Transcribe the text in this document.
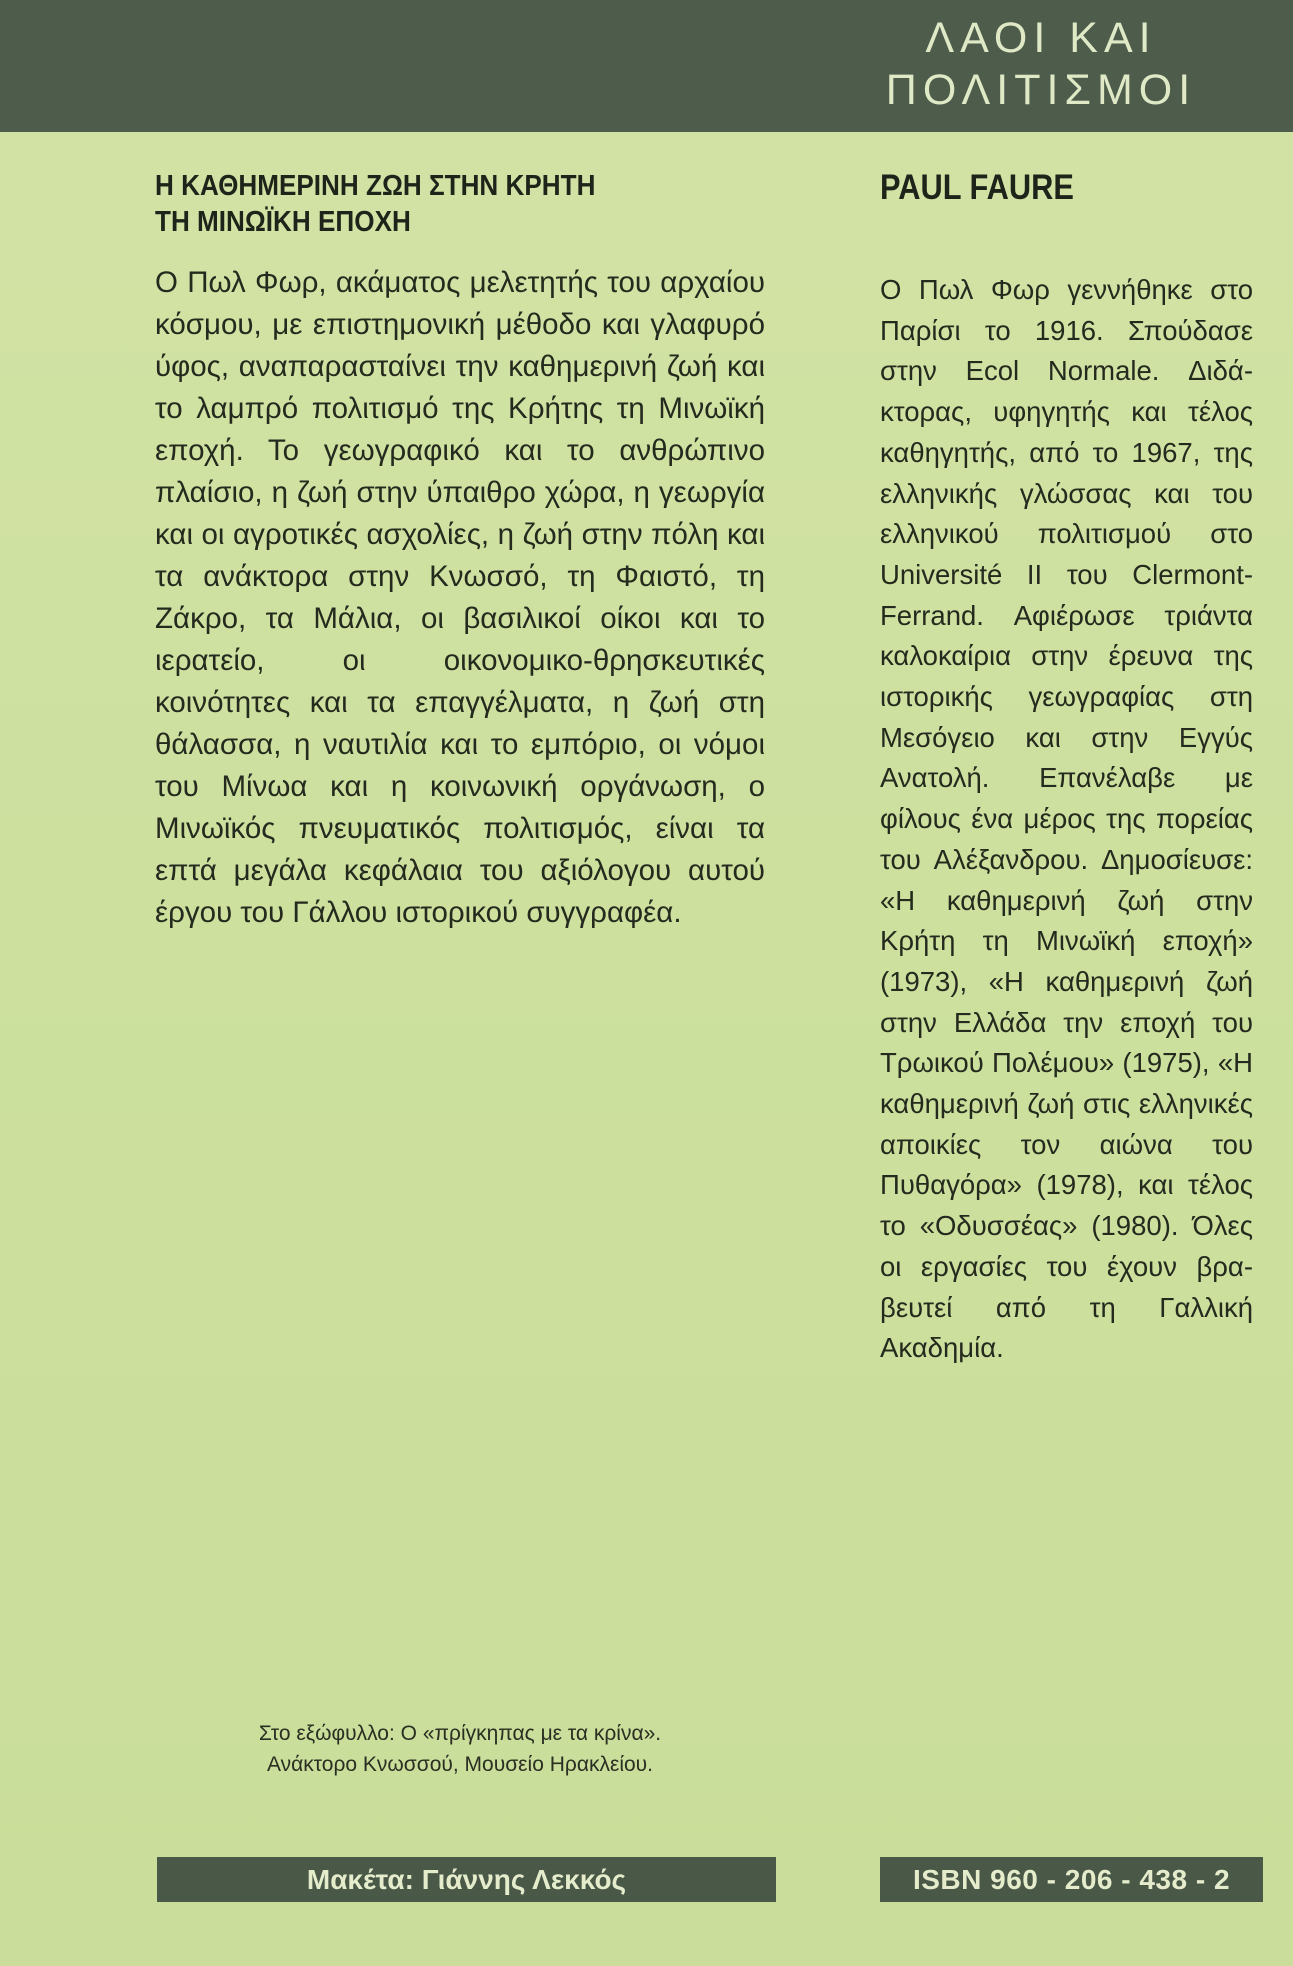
ΛΑΟΙ ΚΑΙ
ΠΟΛΙΤΙΣΜΟΙ
Η ΚΑΘΗΜΕΡΙΝΗ ΖΩΗ ΣΤΗΝ ΚΡΗΤΗ
ΤΗ ΜΙΝΩΪΚΗ ΕΠΟΧΗ

Ο Πωλ Φωρ, ακάματος μελετητής του αρχαίου κόσμου, με επιστημονική μέθοδο και γλαφυρό ύφος, αναπαρασταίνει την καθημερινή ζωή και το λαμπρό πολιτισμό της Κρήτης τη Μινωϊκή εποχή. Το γεωγραφικό και το ανθρώπινο πλαίσιο, η ζωή στην ύπαιθρο χώρα, η γεωργία και οι αγροτικές ασχολίες, η ζωή στην πόλη και τα ανάκτορα στην Κνωσσό, τη Φαιστό, τη Ζάκρο, τα Μάλια, οι βασιλικοί οίκοι και το ιερατείο, οι οικονομικο-θρησκευτικές κοινότητες και τα επαγγέλματα, η ζωή στη θάλασσα, η ναυτιλία και το εμπόριο, οι νόμοι του Μίνωα και η κοινωνική οργάνωση, ο Μινωϊκός πνευματικός πολιτισμός, είναι τα επτά μεγάλα κεφάλαια του αξιόλογου αυτού έργου του Γάλλου ιστορικού συγγραφέα.

PAUL FAURE

Ο Πωλ Φωρ γεννήθηκε στο Παρίσι το 1916. Σπούδασε στην Ecol Normale. Διδάκτορας, υφηγητής και τέλος καθηγητής, από το 1967, της ελληνικής γλώσσας και του ελληνικού πολιτισμού στο Université II του Clermont-Ferrand. Αφιέρωσε τριάντα καλοκαίρια στην έρευνα της ιστορικής γεωγραφίας στη Μεσόγειο και στην Εγγύς Ανατολή. Επανέλαβε με φίλους ένα μέρος της πορείας του Αλέξανδρου. Δημοσίευσε: «Η καθημερινή ζωή στην Κρήτη τη Μινωϊκή εποχή» (1973), «Η καθημερινή ζωή στην Ελλάδα την εποχή του Τρωικού Πολέμου» (1975), «Η καθημερινή ζωή στις ελληνικές αποικίες τον αιώνα του Πυθαγόρα» (1978), και τέλος το «Οδυσσέας» (1980). Όλες οι εργασίες του έχουν βραβευτεί από τη Γαλλική Ακαδημία.

Στο εξώφυλλο: Ο «πρίγκηπας με τα κρίνα».
Ανάκτορο Κνωσσού, Μουσείο Ηρακλείου.
Μακέτα: Γιάννης Λεκκός	ISBN 960 - 206 - 438 - 2
